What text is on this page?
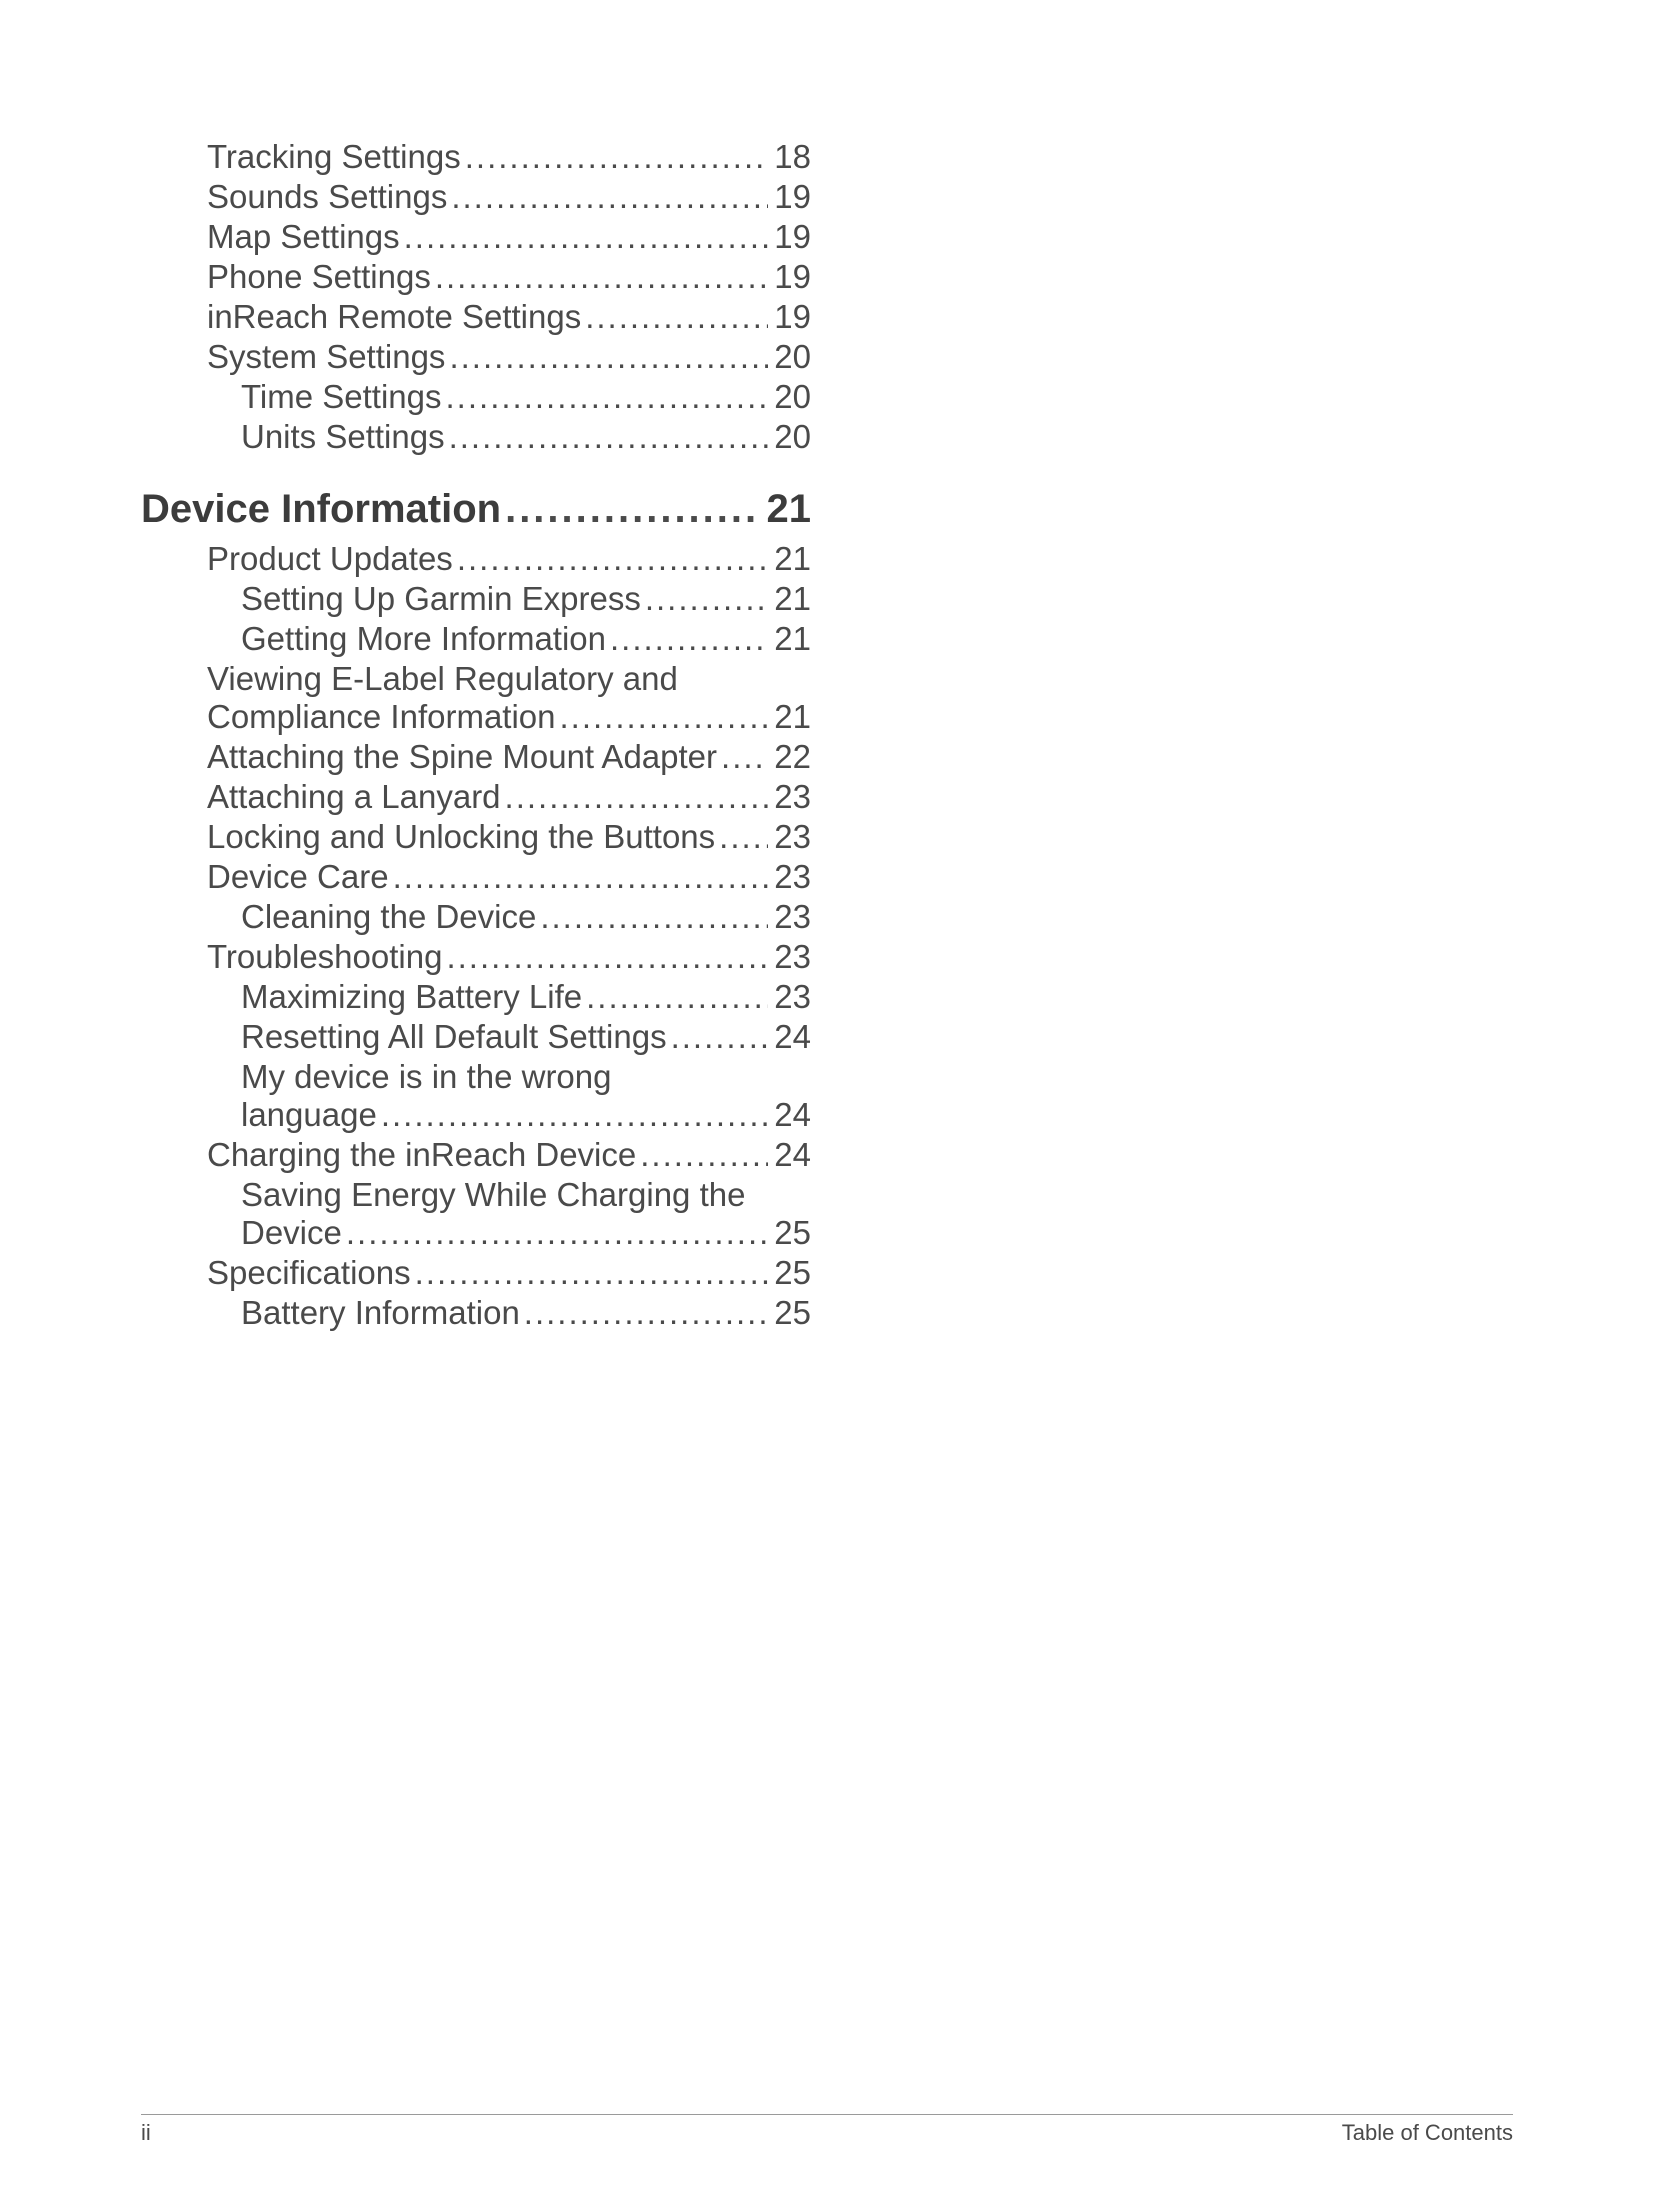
Tracking Settings .....	18
Sounds Settings .....	19
Map Settings .....	19
Phone Settings .....	19
inReach Remote Settings .....	19
System Settings .....	20
Time Settings .....	20
Units Settings .....	20
Device Information .....	21
Product Updates .....	21
Setting Up Garmin Express .....	21
Getting More Information .....	21
Viewing E-Label Regulatory and
Compliance Information .....	21
Attaching the Spine Mount Adapter ..... 22
Attaching a Lanyard .....	23
Locking and Unlocking the Buttons ..... 23
Device Care .....	23
Cleaning the Device .....	23
Troubleshooting .....	23
Maximizing Battery Life .....	23
Resetting All Default Settings .....	24
My device is in the wrong
language .....	24
Charging the inReach Device .....	24
Saving Energy While Charging the
Device .....	25
Specifications .....	25
Battery Information .....	25
ii	Table of Contents
